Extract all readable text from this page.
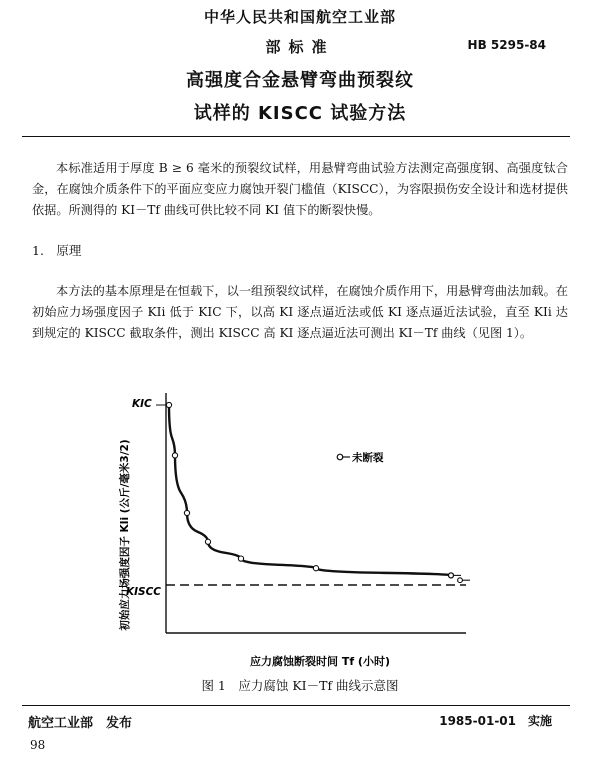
中华人民共和国航空工业部
部标准	HB 5295-84
高强度合金悬臂弯曲预裂纹
试样的 KISCC 试验方法
本标准适用于厚度 B ≥ 6 毫米的预裂纹试样，用悬臂弯曲试验方法测定高强度钢、高强度钛合金，在腐蚀介质条件下的平面应变应力腐蚀开裂门槛值（KISCC），为容限损伤安全设计和选材提供依据。所测得的 KI－Tf 曲线可供比较不同 KI 值下的断裂快慢。
1.　原理
本方法的基本原理是在恒载下，以一组预裂纹试样，在腐蚀介质作用下，用悬臂弯曲法加载。在初始应力场强度因子 KIi 低于 KIC 下，以高 KI 逐点逼近法或低 KI 逐点逼近法试验，直至 KIi 达到规定的 KISCC 截取条件，测出 KISCC 高 KI 逐点逼近法可测出 KI－Tf 曲线（见图 1）。
初始应力场强度因子 KIi (公斤/毫米3/2)
KIC
KISCC
未断裂
应力腐蚀断裂时间 Tf (小时)
图 1　应力腐蚀 KI－Tf 曲线示意图
航空工业部　发布	1985-01-01　实施
98
